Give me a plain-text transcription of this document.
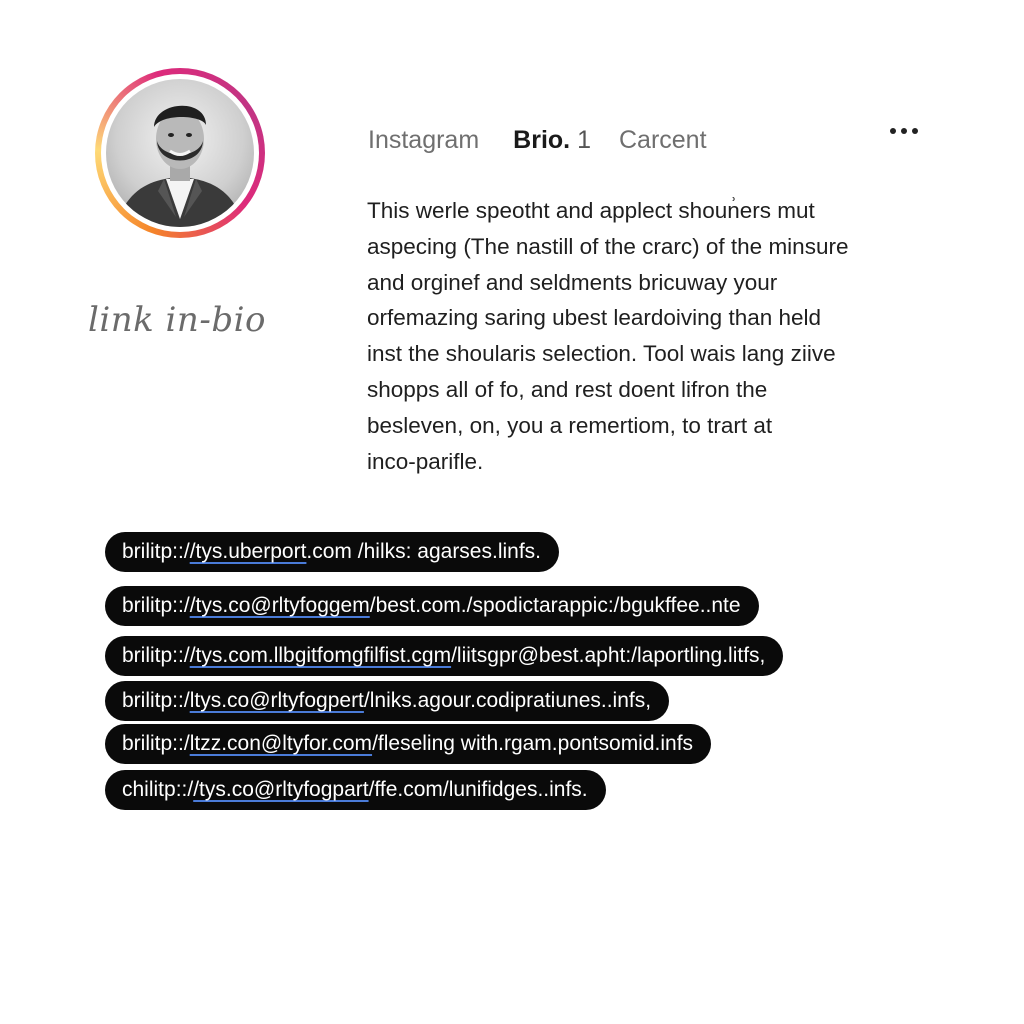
link in-bio
Instagram Brio. 1 Carcent
This werle speotht and applect shoun͗ers mut
aspecing (The nastill of the crarc) of the minsure
and orginef and seldments bricuway your
orfemazing saring ubest leardoiving than held
inst the shoularis selection. Tool wais lang ziive
shopps all of fo, and rest doent lifron the
besleven, on, you a remertiom, to trart at
inco-parifle.
brilitp:://tys.uberport.com /hilks: agarses.linfs.
brilitp:://tys.co@rltyfoggem/best.com./spodictarappic:/bgukffee..nte
brilitp:://tys.com.llbgitfomgfilfist.cgm/liitsgpr@best.apht:/laportling.litfs,
brilitp::/ltys.co@rltyfogpert/lniks.agour.codipratiunes..infs,
brilitp::/ltzz.con@ltyfor.com/fleseling with.rgam.pontsomid.infs
chilitp:://tys.co@rltyfogpart/ffe.com/lunifidges..infs.
